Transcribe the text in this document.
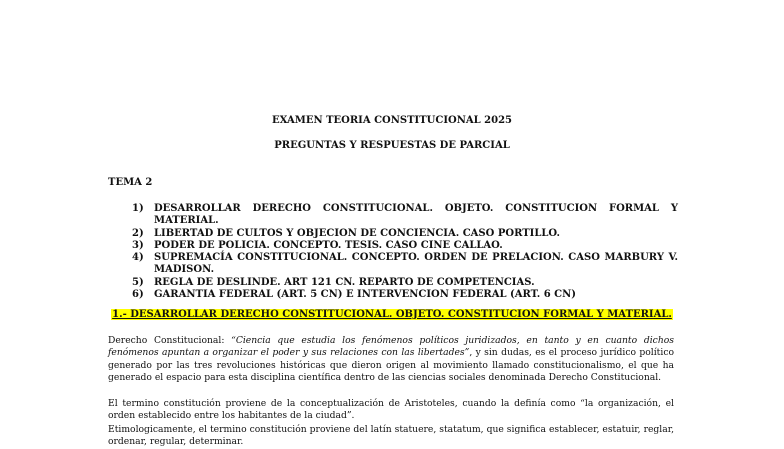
EXAMEN TEORIA CONSTITUCIONAL 2025
PREGUNTAS Y RESPUESTAS DE PARCIAL
TEMA 2
1)	DESARROLLAR DERECHO CONSTITUCIONAL. OBJETO. CONSTITUCION FORMAL Y MATERIAL.
2)	LIBERTAD DE CULTOS Y OBJECION DE CONCIENCIA. CASO PORTILLO.
3)	PODER DE POLICIA. CONCEPTO. TESIS. CASO CINE CALLAO.
4)	SUPREMACÍA CONSTITUCIONAL. CONCEPTO. ORDEN DE PRELACION. CASO MARBURY V. MADISON.
5)	REGLA DE DESLINDE. ART 121 CN. REPARTO DE COMPETENCIAS.
6)	GARANTIA FEDERAL (ART. 5 CN) E INTERVENCION FEDERAL (ART. 6 CN)
1.- DESARROLLAR DERECHO CONSTITUCIONAL. OBJETO. CONSTITUCION FORMAL Y MATERIAL.

Derecho Constitucional: “Ciencia que estudia los fenómenos políticos juridizados, en tanto y en cuanto dichos fenómenos apuntan a organizar el poder y sus relaciones con las libertades”, y sin dudas, es el proceso jurídico político generado por las tres revoluciones históricas que dieron origen al movimiento llamado constitucionalismo, el que ha generado el espacio para esta disciplina científica dentro de las ciencias sociales denominada Derecho Constitucional.

El termino constitución proviene de la conceptualización de Aristoteles, cuando la definía como “la organización, el orden establecido entre los habitantes de la ciudad”.

Etimologicamente, el termino constitución proviene del latín statuere, statatum, que significa establecer, estatuir, reglar, ordenar, regular, determinar.
